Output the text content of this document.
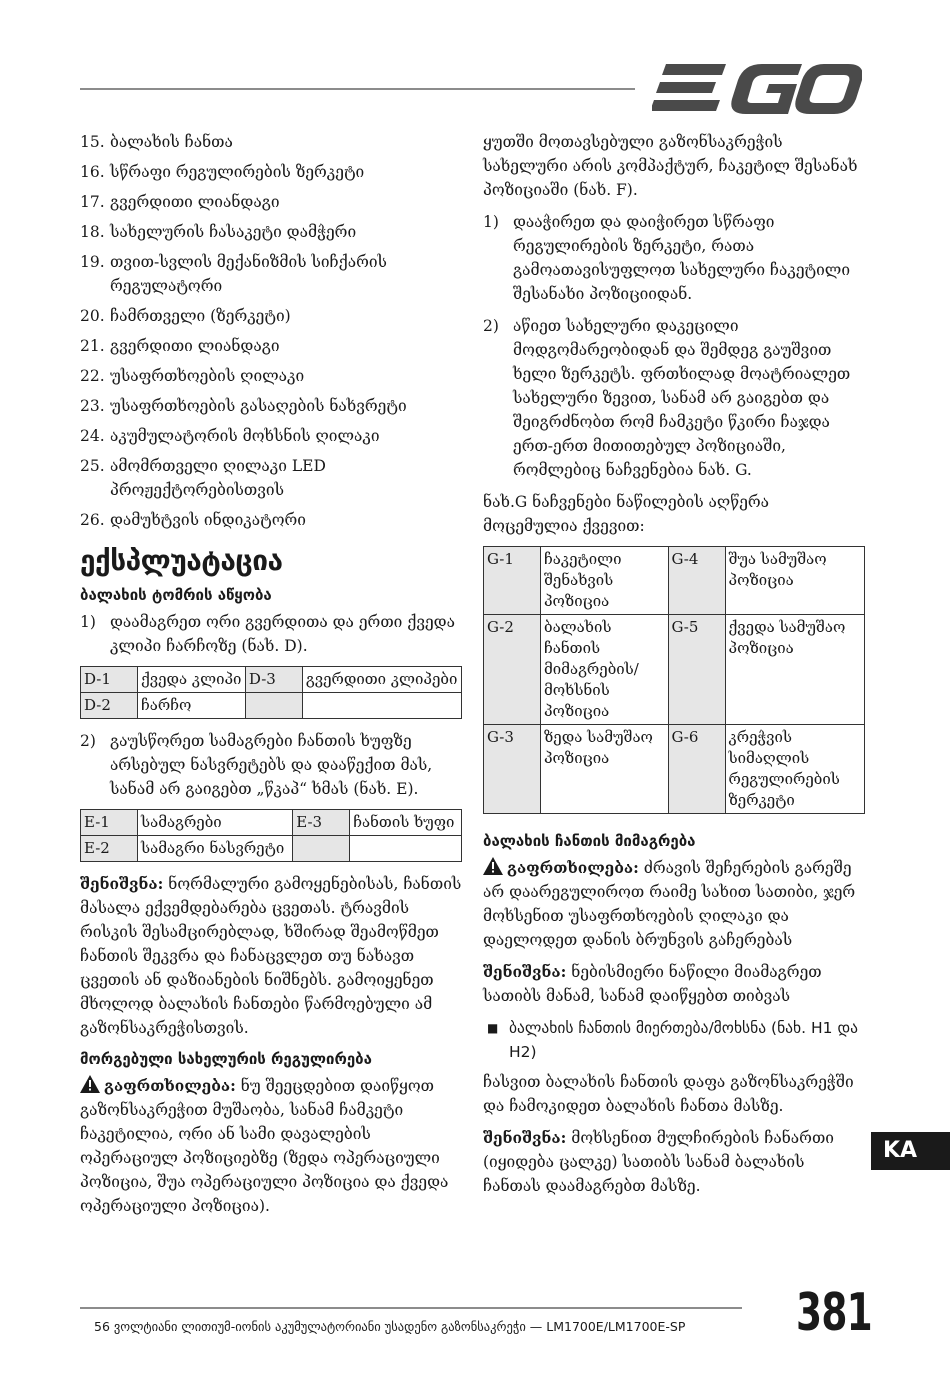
15. ბალახის ჩანთა
16. სწრაფი რეგულირების ზერკეტი
17. გვერდითი ლიანდაგი
18. სახელურის ჩასაკეტი დამჭერი
19. თვით-სვლის მექანიზმის სიჩქარის რეგულატორი
20. ჩამრთველი (ზერკეტი)
21. გვერდითი ლიანდაგი
22. უსაფრთხოების ღილაკი
23. უსაფრთხოების გასაღების ნახვრეტი
24. აკუმულატორის მოხსნის ღილაკი
25. ამომრთველი ღილაკი LED პროჟექტორებისთვის
26. დამუხტვის ინდიკატორი
ექსპლუატაცია
ბალახის ტომრის აწყობა
1) დაამაგრეთ ორი გვერდითა და ერთი ქვედა კლიპი ჩარჩოზე (ნახ. D).
D-1	ქვედა კლიპი	D-3	გვერდითი კლიპები
D-2	ჩარჩო		
2) გაუსწორეთ სამაგრები ჩანთის ხუფზე არსებულ ნასვრეტებს და დააწექით მას, სანამ არ გაიგებთ „წკაპ“ ხმას (ნახ. E).
E-1	სამაგრები	E-3	ჩანთის ხუფი
E-2	სამაგრი ნასვრეტი		

შენიშვნა: ნორმალური გამოყენებისას, ჩანთის მასალა ექვემდებარება ცვეთას. ტრავმის რისკის შესამცირებლად, ხშირად შეამოწმეთ ჩანთის შეკვრა და ჩანაცვლეთ თუ ნახავთ ცვეთის ან დაზიანების ნიშნებს. გამოიყენეთ მხოლოდ ბალახის ჩანთები წარმოებული ამ გაზონსაკრეჭისთვის.

მორგებული სახელურის რეგულირება

გაფრთხილება: ნუ შეეცდებით დაიწყოთ გაზონსაკრეჭით მუშაობა, სანამ ჩამკეტი ჩაკეტილია, ორი ან სამი დავალების ოპერაციულ პოზიციებზე (ზედა ოპერაციული პოზიცია, შუა ოპერაციული პოზიცია და ქვედა ოპერაციული პოზიცია).

ყუთში მოთავსებული გაზონსაკრეჭის სახელური არის კომპაქტურ, ჩაკეტილ შესანახ პოზიციაში (ნახ. F).

1) დააჭირეთ და დაიჭირეთ სწრაფი რეგულირების ზერკეტი, რათა გამოათავისუფლოთ სახელური ჩაკეტილი შესანახი პოზიციიდან.
2) აწიეთ სახელური დაკეცილი მოდგომარეობიდან და შემდეგ გაუშვით ხელი ზერკეტს. ფრთხილად მოატრიალეთ სახელური ზევით, სანამ არ გაიგებთ და შეიგრძნობთ რომ ჩამკეტი წკირი ჩაჯდა ერთ-ერთ მითითებულ პოზიციაში, რომლებიც ნაჩვენებია ნახ. G.

ნახ.G ნაჩვენები ნაწილების აღწერა მოცემულია ქვევით:

G-1	ჩაკეტილი შენახვის პოზიცია	G-4	შუა სამუშაო პოზიცია
G-2	ბალახის ჩანთის მიმაგრების/ მოხსნის პოზიცია	G-5	ქვედა სამუშაო პოზიცია
G-3	ზედა სამუშაო პოზიცია	G-6	კრეჭვის სიმაღლის რეგულირების ზერკეტი
ბალახის ჩანთის მიმაგრება

გაფრთხილება: ძრავის შეჩერების გარეშე არ დაარეგულიროთ რაიმე სახით სათიბი, ჯერ მოხსენით უსაფრთხოების ღილაკი და დაელოდეთ დანის ბრუნვის გაჩერებას

შენიშვნა: ნებისმიერი ნაწილი მიამაგრეთ სათიბს მანამ, სანამ დაიწყებთ თიბვას

■ ბალახის ჩანთის მიერთება/მოხსნა (ნახ. H1 და H2)

ჩასვით ბალახის ჩანთის დაფა გაზონსაკრეჭში და ჩამოკიდეთ ბალახის ჩანთა მასზე.

შენიშვნა: მოხსენით მულჩირების ჩანართი (იყიდება ცალკე) სათიბს სანამ ბალახის ჩანთას დაამაგრებთ მასზე.

KA
56 ვოლტიანი ლითიუმ-იონის აკუმულატორიანი უსადენო გაზონსაკრეჭი — LM1700E/LM1700E-SP 381
